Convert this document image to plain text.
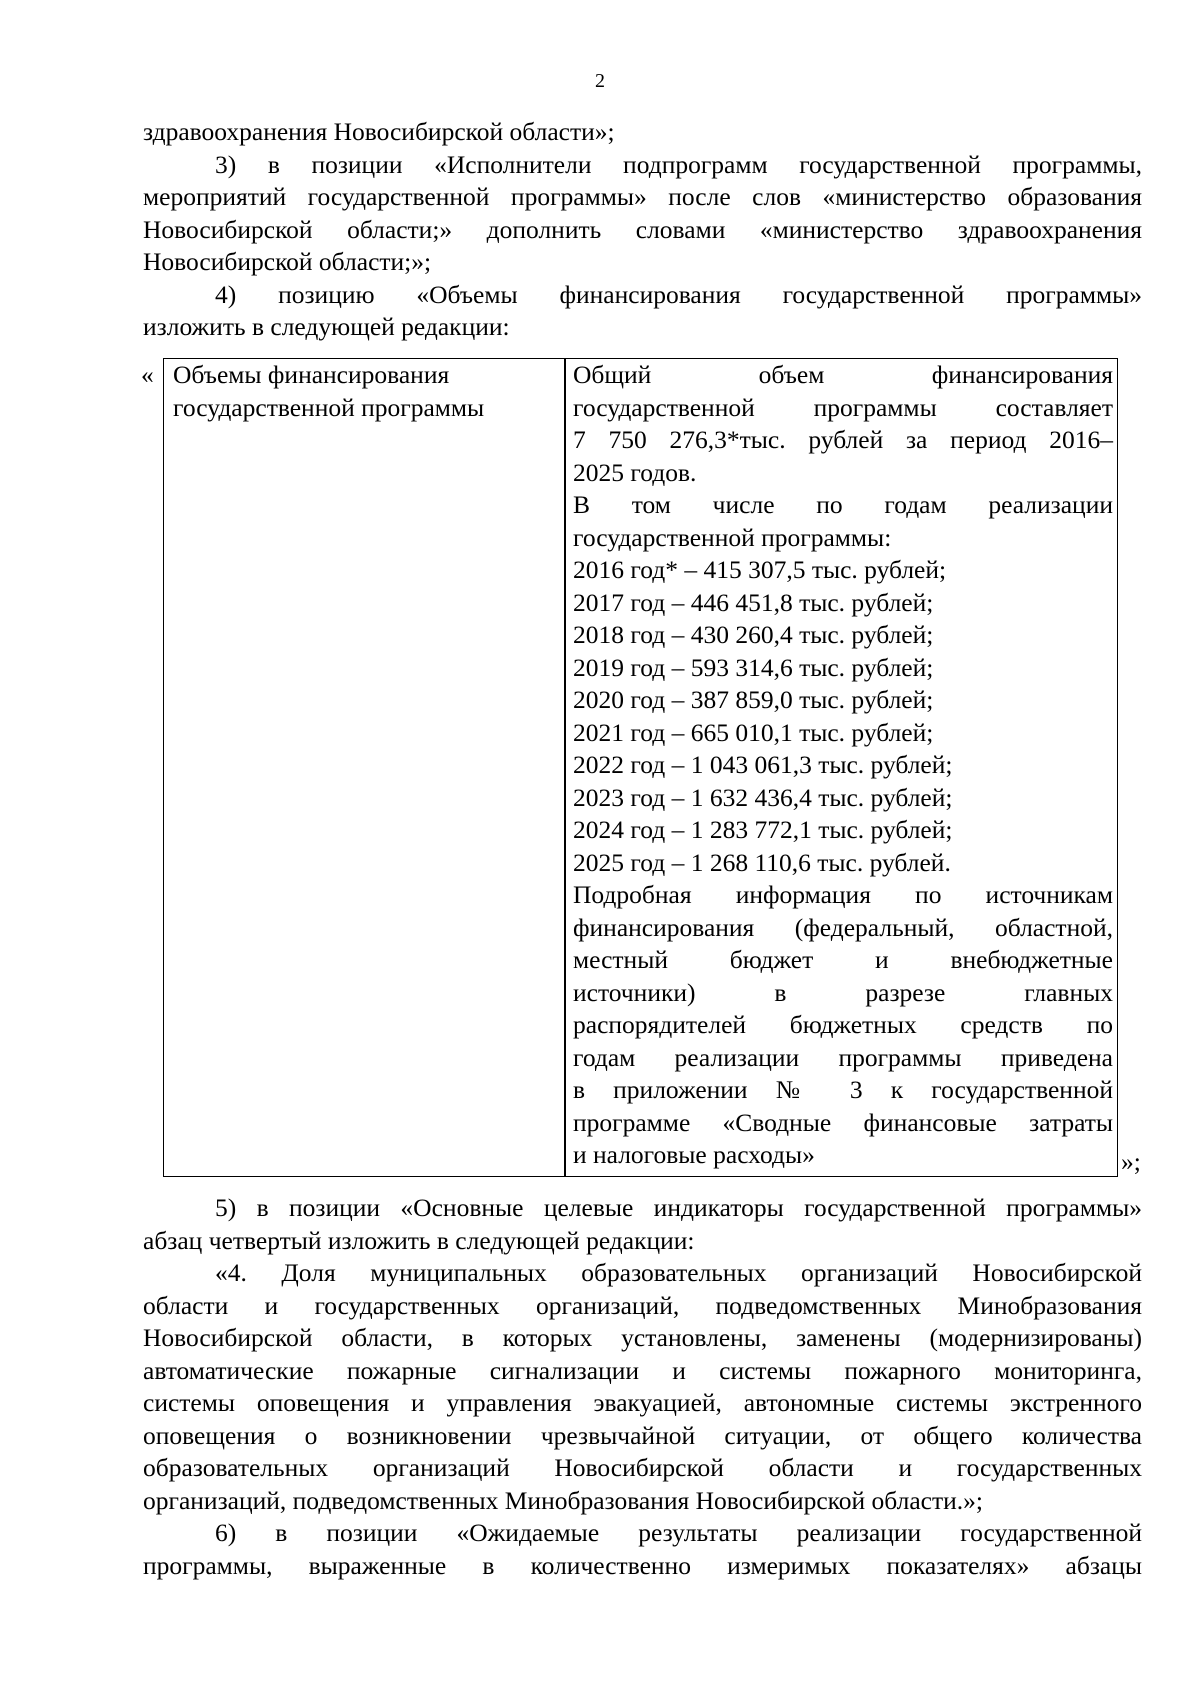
2

здравоохранения Новосибирской области»;

3) в позиции «Исполнители подпрограмм государственной программы,

мероприятий государственной программы» после слов «министерство образования

Новосибирской области;» дополнить словами «министерство здравоохранения

Новосибирской области;»;

4) позицию «Объемы финансирования государственной программы»

изложить в следующей редакции:

« Объемы финансирования

государственной программы

Общий объем финансирования

государственной программы составляет

7 750 276,3*тыс. рублей за период 2016–

2025 годов.

В том числе по годам реализации

государственной программы:

2016 год* – 415 307,5 тыс. рублей;

2017 год – 446 451,8 тыс. рублей;

2018 год – 430 260,4 тыс. рублей;

2019 год – 593 314,6 тыс. рублей;

2020 год – 387 859,0 тыс. рублей;

2021 год – 665 010,1 тыс. рублей;

2022 год – 1 043 061,3 тыс. рублей;

2023 год – 1 632 436,4 тыс. рублей;

2024 год – 1 283 772,1 тыс. рублей;

2025 год – 1 268 110,6 тыс. рублей.

Подробная информация по источникам

финансирования (федеральный, областной,

местный бюджет и внебюджетные

источники) в разрезе главных

распорядителей бюджетных средств по

годам реализации программы приведена

в приложении № 3 к государственной

программе «Сводные финансовые затраты

и налоговые расходы»	»;

5) в позиции «Основные целевые индикаторы государственной программы»

абзац четвертый изложить в следующей редакции:

«4. Доля муниципальных образовательных организаций Новосибирской

области и государственных организаций, подведомственных Минобразования

Новосибирской области, в которых установлены, заменены (модернизированы)

автоматические пожарные сигнализации и системы пожарного мониторинга,

системы оповещения и управления эвакуацией, автономные системы экстренного

оповещения о возникновении чрезвычайной ситуации, от общего количества

образовательных организаций Новосибирской области и государственных

организаций, подведомственных Минобразования Новосибирской области.»;

6) в позиции «Ожидаемые результаты реализации государственной

программы, выраженные в количественно измеримых показателях» абзацы
